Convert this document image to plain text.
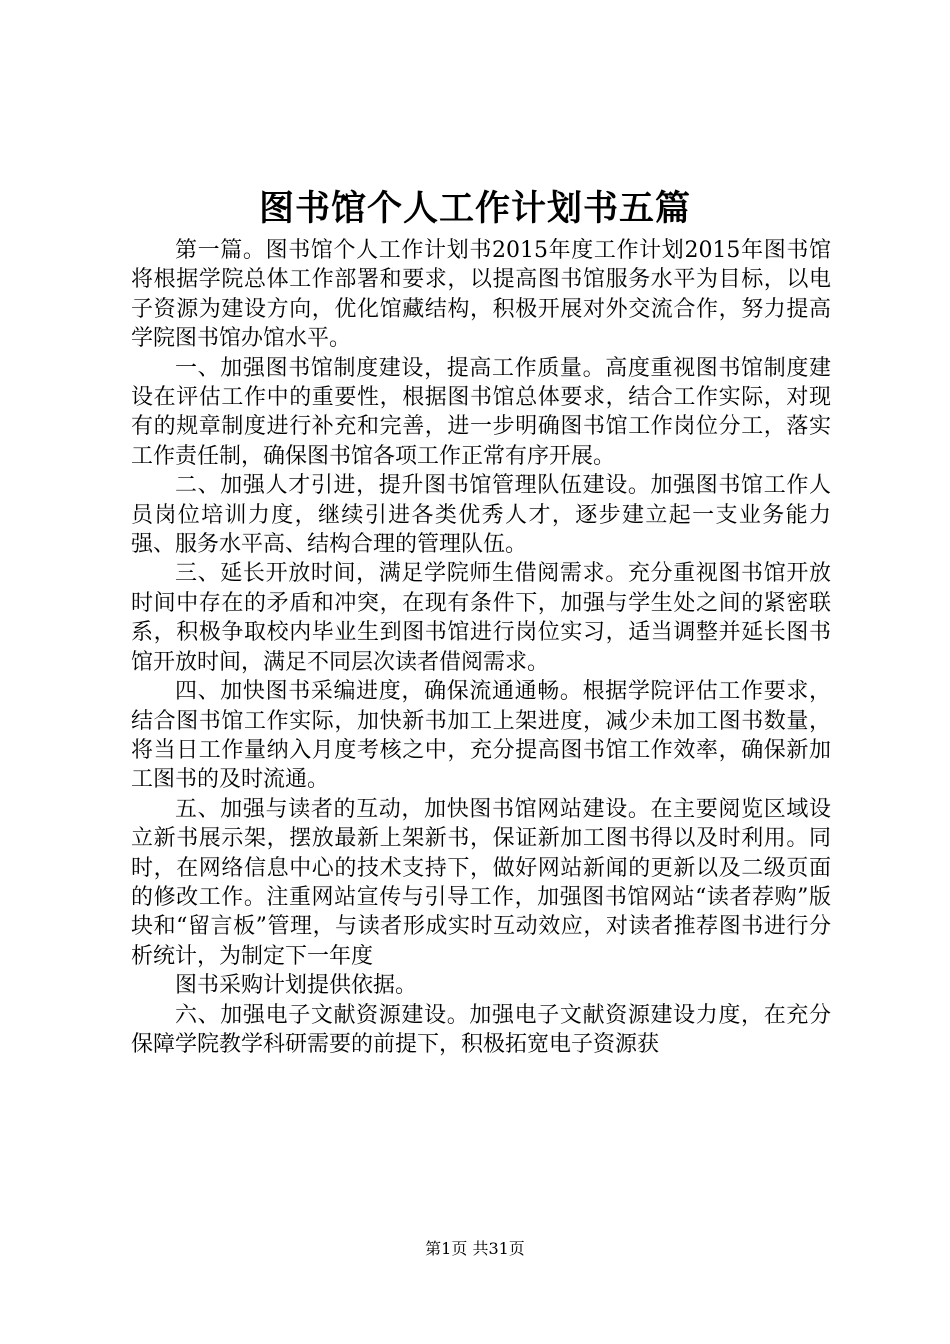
图书馆个人工作计划书五篇

第一篇。图书馆个人工作计划书2015年度工作计划2015年图书馆将根据学院总体工作部署和要求，以提高图书馆服务水平为目标，以电子资源为建设方向，优化馆藏结构，积极开展对外交流合作，努力提高学院图书馆办馆水平。

一、加强图书馆制度建设，提高工作质量。高度重视图书馆制度建设在评估工作中的重要性，根据图书馆总体要求，结合工作实际，对现有的规章制度进行补充和完善，进一步明确图书馆工作岗位分工，落实工作责任制，确保图书馆各项工作正常有序开展。

二、加强人才引进，提升图书馆管理队伍建设。加强图书馆工作人员岗位培训力度，继续引进各类优秀人才，逐步建立起一支业务能力强、服务水平高、结构合理的管理队伍。

三、延长开放时间，满足学院师生借阅需求。充分重视图书馆开放时间中存在的矛盾和冲突，在现有条件下，加强与学生处之间的紧密联系，积极争取校内毕业生到图书馆进行岗位实习，适当调整并延长图书馆开放时间，满足不同层次读者借阅需求。

四、加快图书采编进度，确保流通通畅。根据学院评估工作要求，结合图书馆工作实际，加快新书加工上架进度，减少未加工图书数量，将当日工作量纳入月度考核之中，充分提高图书馆工作效率，确保新加工图书的及时流通。

五、加强与读者的互动，加快图书馆网站建设。在主要阅览区域设立新书展示架，摆放最新上架新书，保证新加工图书得以及时利用。同时，在网络信息中心的技术支持下，做好网站新闻的更新以及二级页面的修改工作。注重网站宣传与引导工作，加强图书馆网站“读者荐购”版块和“留言板”管理，与读者形成实时互动效应，对读者推荐图书进行分析统计，为制定下一年度

图书采购计划提供依据。

六、加强电子文献资源建设。加强电子文献资源建设力度，在充分保障学院教学科研需要的前提下，积极拓宽电子资源获

第1页 共31页
